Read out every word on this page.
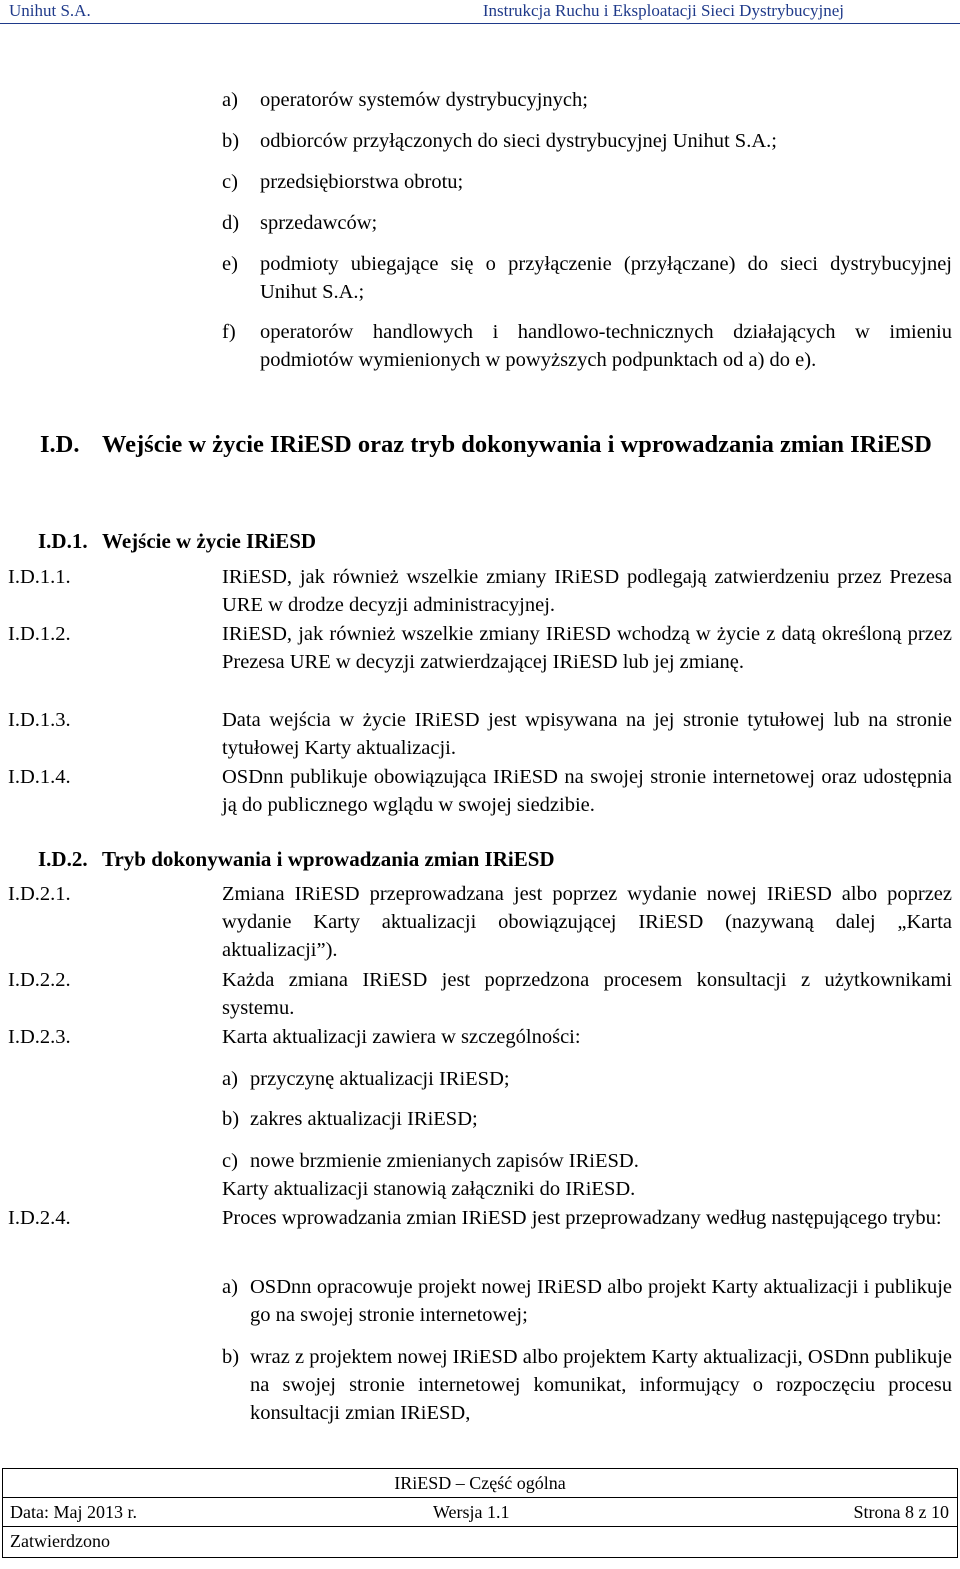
Unihut S.A.	Instrukcja Ruchu i Eksploatacji Sieci Dystrybucyjnej
a)	operatorów systemów dystrybucyjnych;
b)	odbiorców przyłączonych do sieci dystrybucyjnej Unihut S.A.;
c)	przedsiębiorstwa obrotu;
d)	sprzedawców;
e)	podmioty ubiegające się o przyłączenie (przyłączane) do sieci dystrybucyjnej Unihut S.A.;
f)	operatorów handlowych i handlowo-technicznych działających w imieniu podmiotów wymienionych w powyższych podpunktach od a) do e).
I.D. Wejście w życie IRiESD oraz tryb dokonywania i wprowadzania zmian IRiESD
I.D.1. Wejście w życie IRiESD
I.D.1.1.	IRiESD, jak również wszelkie zmiany IRiESD podlegają zatwierdzeniu przez Prezesa URE w drodze decyzji administracyjnej.
I.D.1.2.	IRiESD, jak również wszelkie zmiany IRiESD wchodzą w życie z datą określoną przez Prezesa URE w decyzji zatwierdzającej IRiESD lub jej zmianę.
I.D.1.3.	Data wejścia w życie IRiESD jest wpisywana na jej stronie tytułowej lub na stronie tytułowej Karty aktualizacji.
I.D.1.4.	OSDnn publikuje obowiązująca IRiESD na swojej stronie internetowej oraz udostępnia ją do publicznego wglądu w swojej siedzibie.
I.D.2. Tryb dokonywania i wprowadzania zmian IRiESD
I.D.2.1.	Zmiana IRiESD przeprowadzana jest poprzez wydanie nowej IRiESD albo poprzez wydanie Karty aktualizacji obowiązującej IRiESD (nazywaną dalej „Karta aktualizacji”).
I.D.2.2.	Każda zmiana IRiESD jest poprzedzona procesem konsultacji z użytkownikami systemu.
I.D.2.3.	Karta aktualizacji zawiera w szczególności:
a) przyczynę aktualizacji IRiESD;
b) zakres aktualizacji IRiESD;
c) nowe brzmienie zmienianych zapisów IRiESD.
Karty aktualizacji stanowią załączniki do IRiESD.
I.D.2.4.	Proces wprowadzania zmian IRiESD jest przeprowadzany według następującego trybu:
a) OSDnn opracowuje projekt nowej IRiESD albo projekt Karty aktualizacji i publikuje go na swojej stronie internetowej;
b) wraz z projektem nowej IRiESD albo projektem Karty aktualizacji, OSDnn publikuje na swojej stronie internetowej komunikat, informujący o rozpoczęciu procesu konsultacji zmian IRiESD,
IRiESD – Część ogólna
Data: Maj 2013 r.	Wersja 1.1	Strona 8 z 10
Zatwierdzono
